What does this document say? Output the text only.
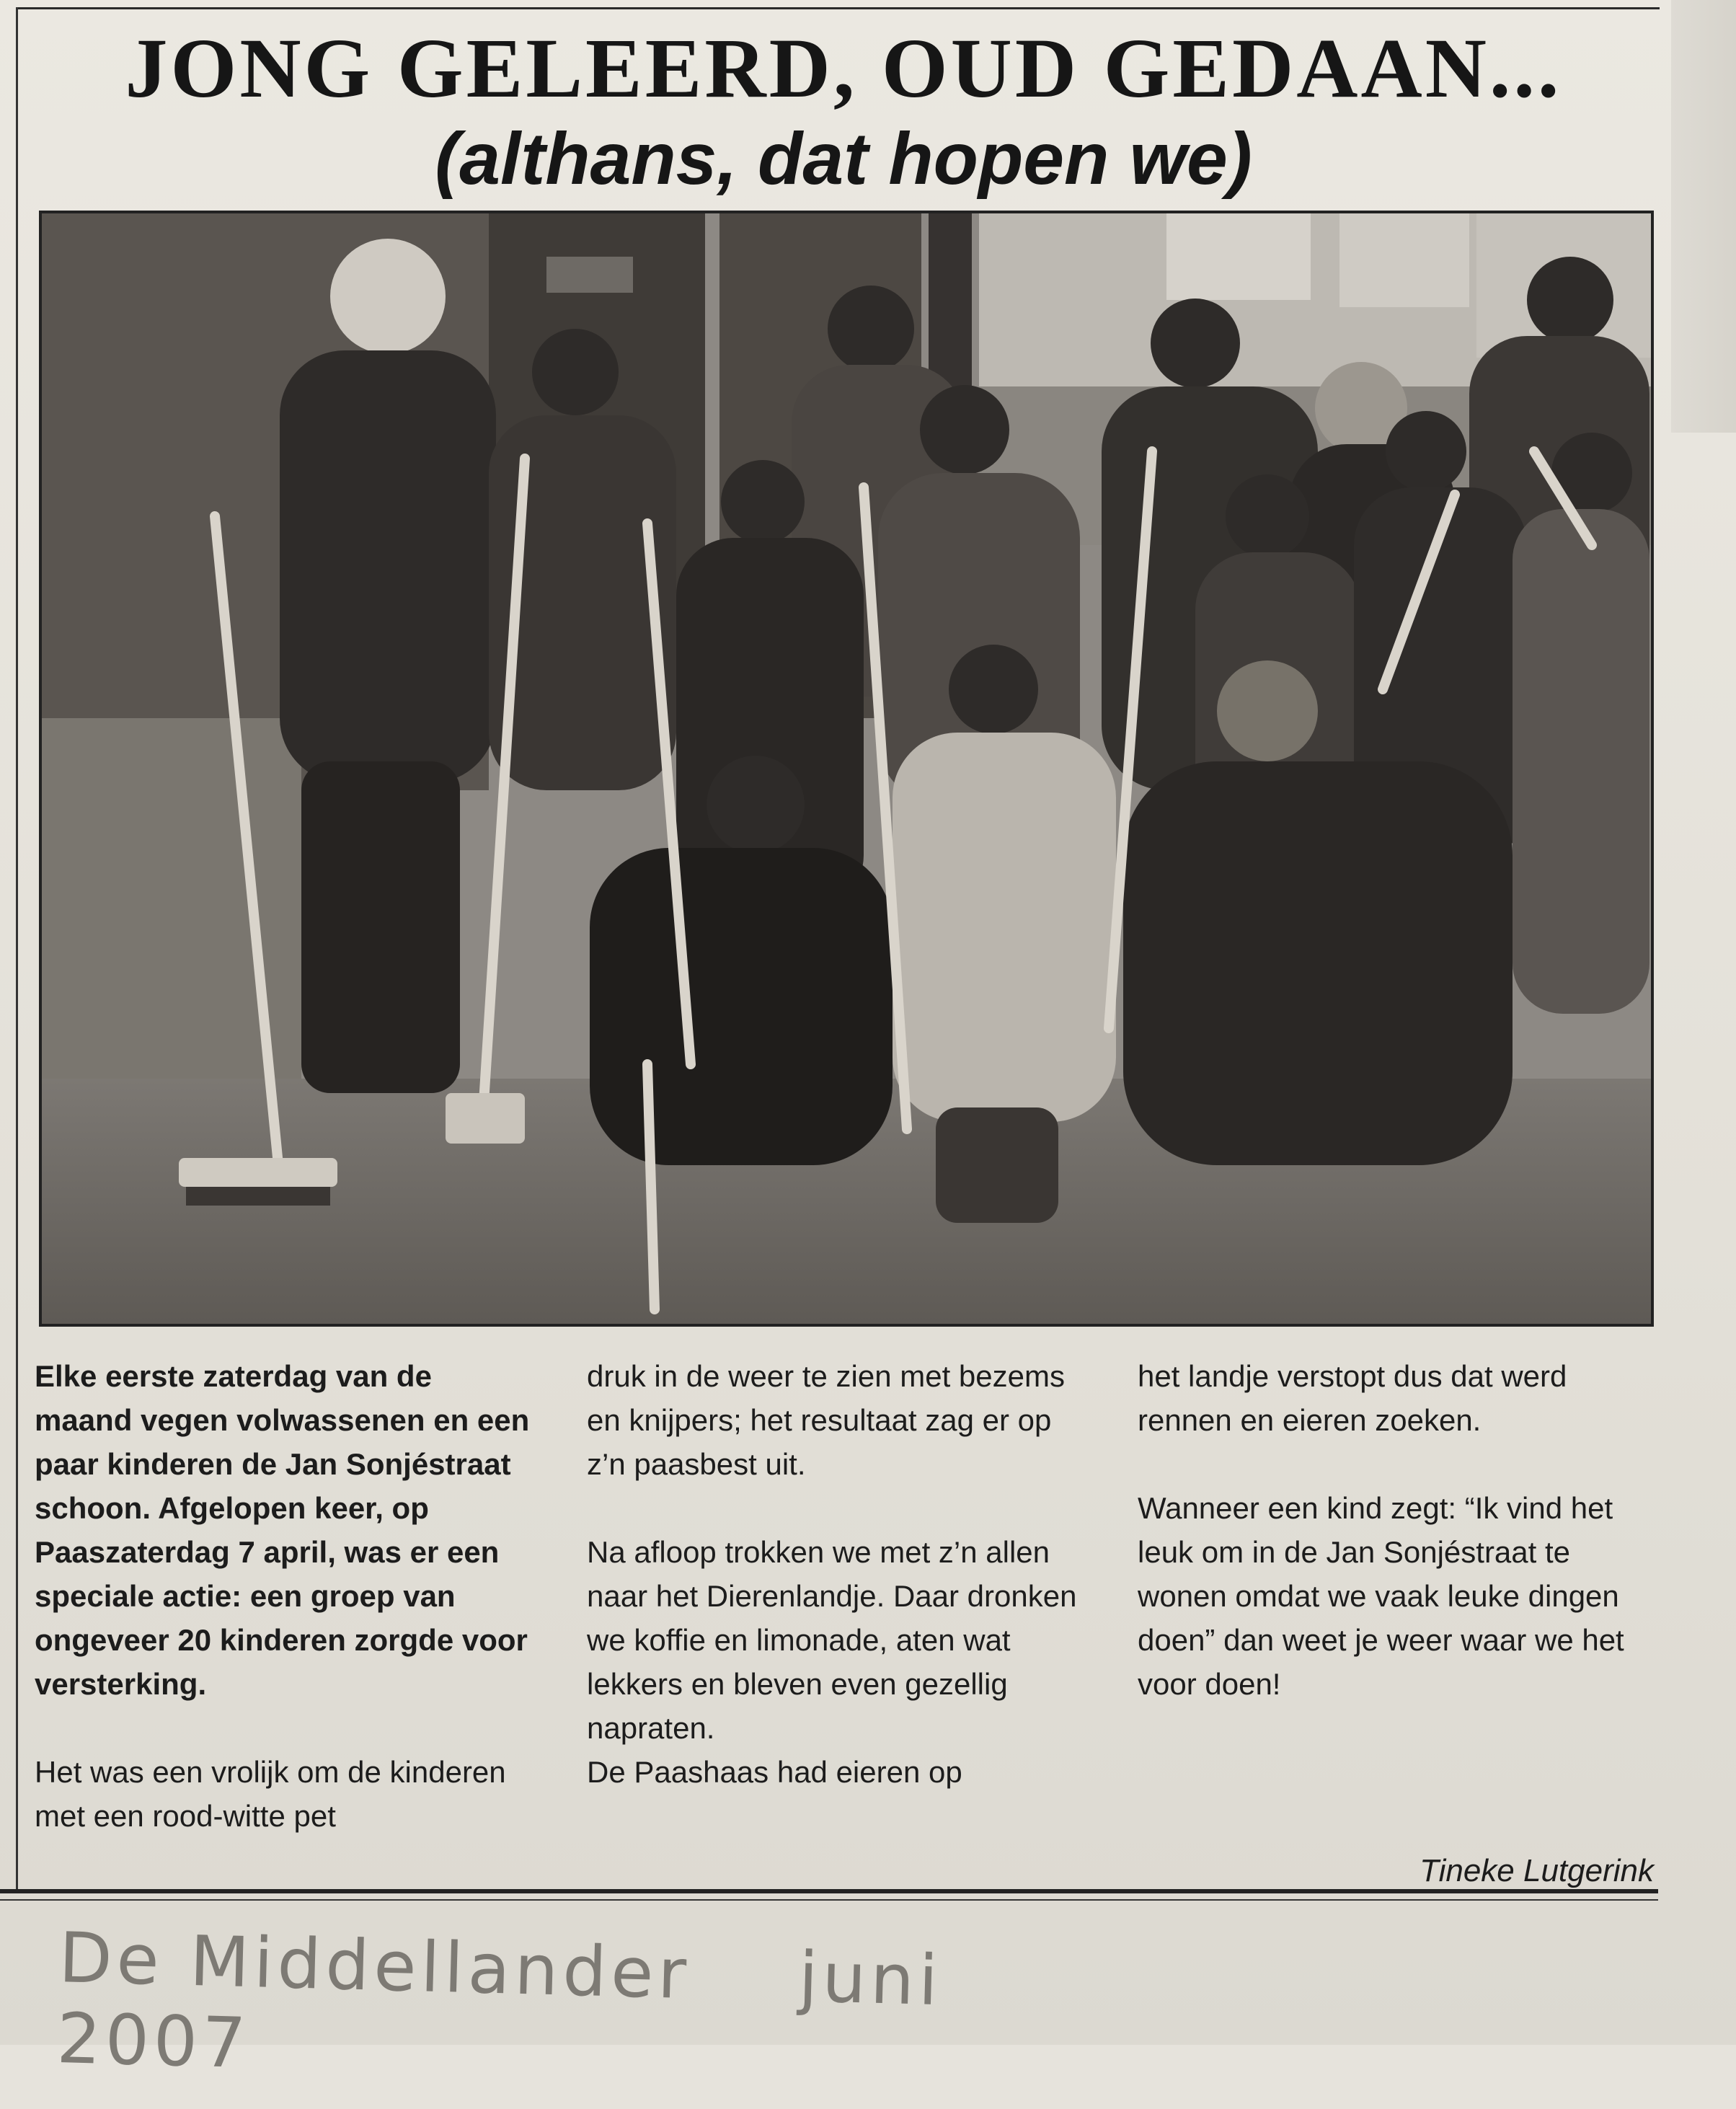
JONG GELEERD, OUD GEDAAN...
(althans, dat hopen we)

Elke eerste zaterdag van de maand vegen volwassenen en een paar kinderen de Jan Sonjéstraat schoon. Afgelopen keer, op Paaszaterdag 7 april, was er een speciale actie: een groep van ongeveer 20 kinderen zorgde voor versterking.

Het was een vrolijk om de kinderen met een rood-witte pet

druk in de weer te zien met bezems en knijpers; het resultaat zag er op z’n paasbest uit.

Na afloop trokken we met z’n allen naar het Dierenlandje. Daar dronken we koffie en limonade, aten wat lekkers en bleven even gezellig napraten.

De Paashaas had eieren op

het landje verstopt dus dat werd rennen en eieren zoeken.

Wanneer een kind zegt: “Ik vind het leuk om in de Jan Sonjéstraat te wonen omdat we vaak leuke dingen doen” dan weet je weer waar we het voor doen!

Tineke Lutgerink
De Middellander juni 2007
